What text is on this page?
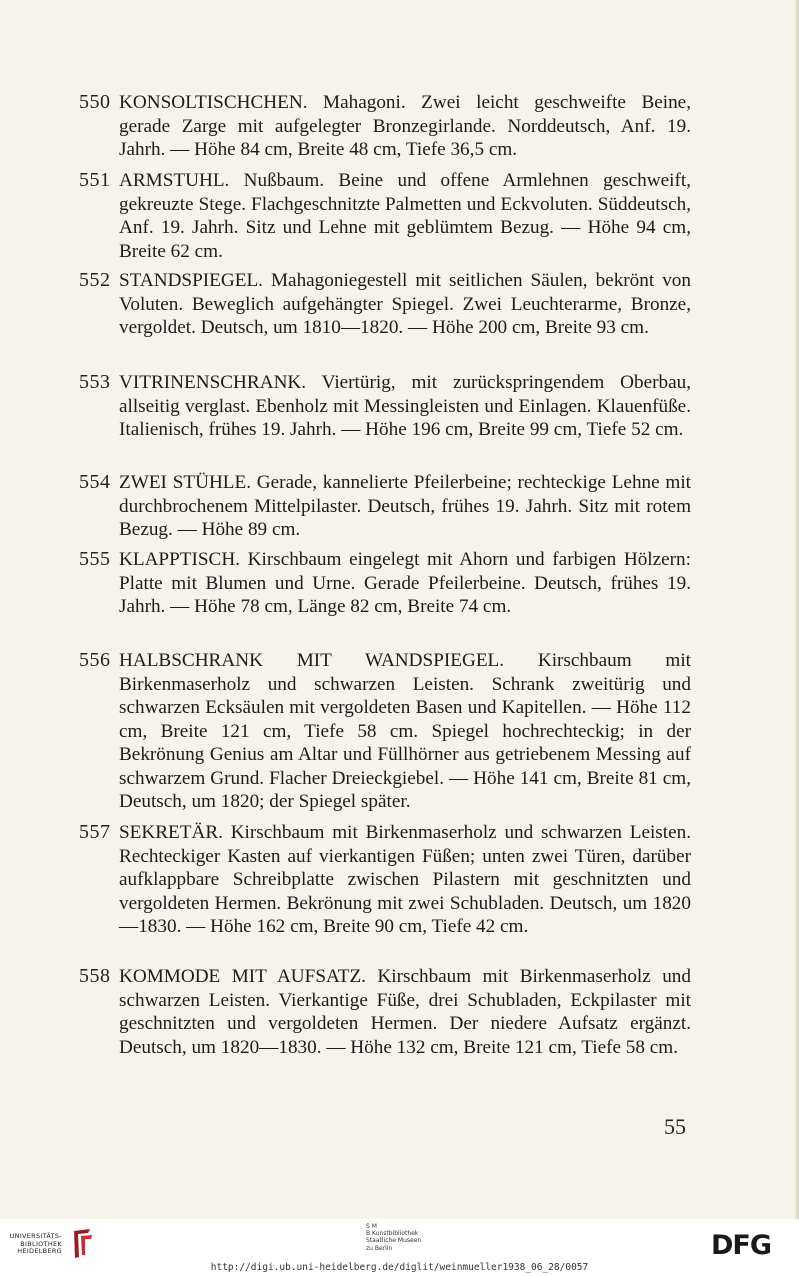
550 KONSOLTISCHCHEN. Mahagoni. Zwei leicht geschweifte Beine, gerade Zarge mit aufgelegter Bronzegirlande. Norddeutsch, Anf. 19. Jahrh. — Höhe 84 cm, Breite 48 cm, Tiefe 36,5 cm.
551 ARMSTUHL. Nußbaum. Beine und offene Armlehnen geschweift, gekreuzte Stege. Flachgeschnitzte Palmetten und Eckvoluten. Süddeutsch, Anf. 19. Jahrh. Sitz und Lehne mit geblümtem Bezug. — Höhe 94 cm, Breite 62 cm.
552 STANDSPIEGEL. Mahagoniegestell mit seitlichen Säulen, bekrönt von Voluten. Beweglich aufgehängter Spiegel. Zwei Leuchterarme, Bronze, vergoldet. Deutsch, um 1810—1820. — Höhe 200 cm, Breite 93 cm.
553 VITRINENSCHRANK. Viertürig, mit zurückspringendem Oberbau, allseitig verglast. Ebenholz mit Messingleisten und Einlagen. Klauenfüße. Italienisch, frühes 19. Jahrh. — Höhe 196 cm, Breite 99 cm, Tiefe 52 cm.
554 ZWEI STÜHLE. Gerade, kannelierte Pfeilerbeine; rechteckige Lehne mit durchbrochenem Mittelpilaster. Deutsch, frühes 19. Jahrh. Sitz mit rotem Bezug. — Höhe 89 cm.
555 KLAPPTISCH. Kirschbaum eingelegt mit Ahorn und farbigen Hölzern: Platte mit Blumen und Urne. Gerade Pfeilerbeine. Deutsch, frühes 19. Jahrh. — Höhe 78 cm, Länge 82 cm, Breite 74 cm.
556 HALBSCHRANK MIT WANDSPIEGEL. Kirschbaum mit Birkenmaserholz und schwarzen Leisten. Schrank zweitürig und schwarzen Ecksäulen mit vergoldeten Basen und Kapitellen. — Höhe 112 cm, Breite 121 cm, Tiefe 58 cm. Spiegel hochrechteckig; in der Bekrönung Genius am Altar und Füllhörner aus getriebenem Messing auf schwarzem Grund. Flacher Dreieckgiebel. — Höhe 141 cm, Breite 81 cm, Deutsch, um 1820; der Spiegel später.
557 SEKRETÄR. Kirschbaum mit Birkenmaserholz und schwarzen Leisten. Rechteckiger Kasten auf vierkantigen Füßen; unten zwei Türen, darüber aufklappbare Schreibplatte zwischen Pilastern mit geschnitzten und vergoldeten Hermen. Bekrönung mit zwei Schubladen. Deutsch, um 1820—1830. — Höhe 162 cm, Breite 90 cm, Tiefe 42 cm.
558 KOMMODE MIT AUFSATZ. Kirschbaum mit Birkenmaserholz und schwarzen Leisten. Vierkantige Füße, drei Schubladen, Eckpilaster mit geschnitzten und vergoldeten Hermen. Der niedere Aufsatz ergänzt. Deutsch, um 1820—1830. — Höhe 132 cm, Breite 121 cm, Tiefe 58 cm.
55
UNIVERSITÄTS-
BIBLIOTHEK
HEIDELBERG
S M
B Kunstbibliothek
Staatliche Museen
zu Berlin	DFG
http://digi.ub.uni-heidelberg.de/diglit/weinmueller1938_06_28/0057
